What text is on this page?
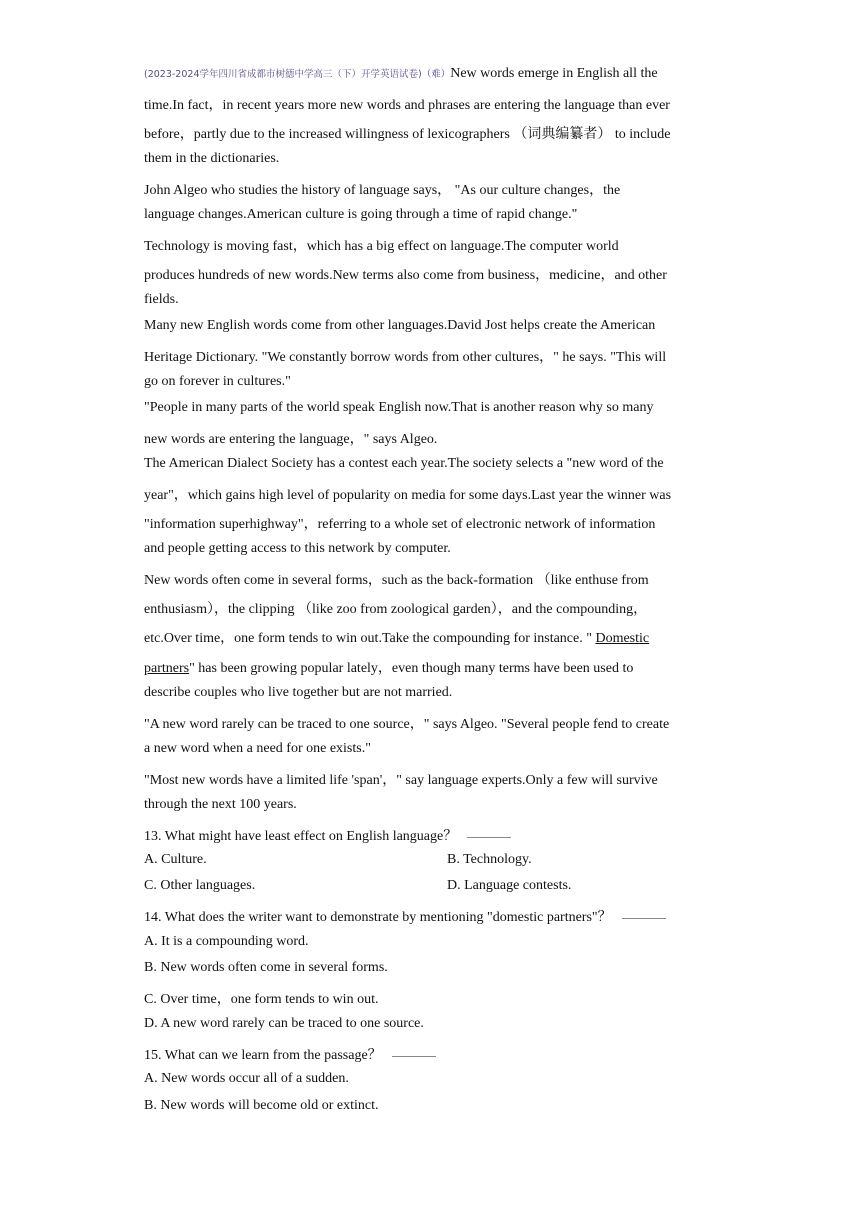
(2023-2024学年四川省成都市树德中学高三（下）开学英语试卷)（难）New words emerge in English all the
time.In fact，in recent years more new words and phrases are entering the language than ever
before，partly due to the increased willingness of lexicographers （词典编纂者） to include
them in the dictionaries.
John Algeo who studies the history of language says， "As our culture changes，the
language changes.American culture is going through a time of rapid change."
Technology is moving fast，which has a big effect on language.The computer world
produces hundreds of new words.New terms also come from business，medicine，and other
fields.
Many new English words come from other languages.David Jost helps create the American
Heritage Dictionary. "We constantly borrow words from other cultures，" he says. "This will
go on forever in cultures."
"People in many parts of the world speak English now.That is another reason why so many
new words are entering the language，" says Algeo.
The American Dialect Society has a contest each year.The society selects a "new word of the
year"，which gains high level of popularity on media for some days.Last year the winner was
"information superhighway"，referring to a whole set of electronic network of information
and people getting access to this network by computer.
New words often come in several forms，such as the back-formation （like enthuse from
enthusiasm），the clipping （like zoo from zoological garden），and the compounding，
etc.Over time，one form tends to win out.Take the compounding for instance. " Domestic
partners" has been growing popular lately，even though many terms have been used to
describe couples who live together but are not married.
"A new word rarely can be traced to one source，" says Algeo. "Several people fend to create
a new word when a need for one exists."
"Most new words have a limited life 'span'，" say language experts.Only a few will survive
through the next 100 years.
13. What might have least effect on English language？
A. Culture.	B. Technology.
C. Other languages.	D. Language contests.
14. What does the writer want to demonstrate by mentioning "domestic partners"？
A. It is a compounding word.
B. New words often come in several forms.
C. Over time，one form tends to win out.
D. A new word rarely can be traced to one source.
15. What can we learn from the passage？
A. New words occur all of a sudden.
B. New words will become old or extinct.
